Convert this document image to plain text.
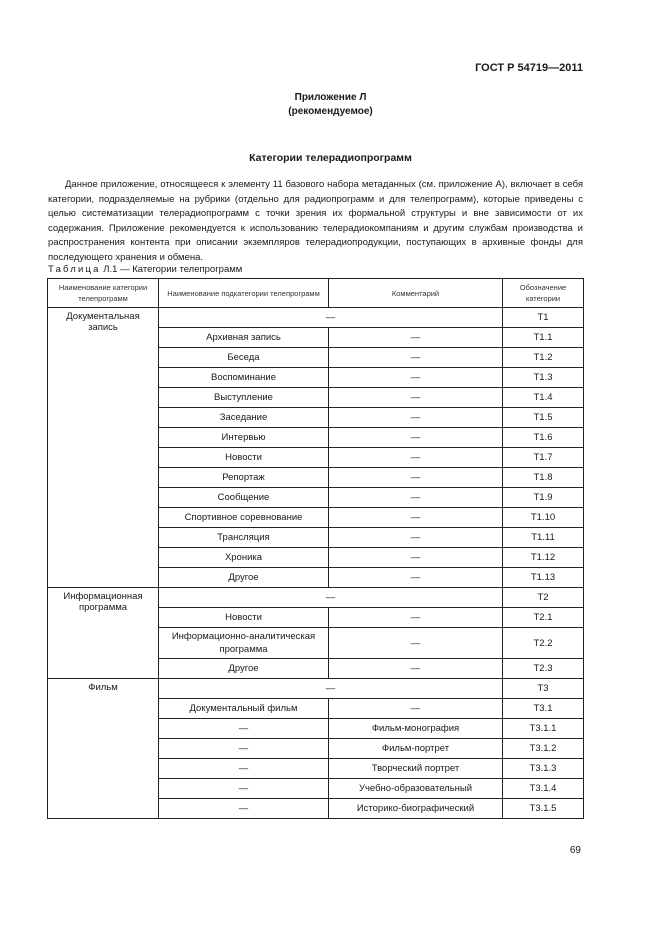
ГОСТ Р 54719—2011
Приложение Л
(рекомендуемое)
Категории телерадиопрограмм

Данное приложение, относящееся к элементу 11 базового набора метаданных (см. приложение А), включает в себя категории, подразделяемые на рубрики (отдельно для радиопрограмм и для телепрограмм), которые приведены с целью систематизации телерадиопрограмм с точки зрения их формальной структуры и вне зависимости от их содержания. Приложение рекомендуется к использованию телерадиокомпаниям и другим службам производства и распространения контента при описании экземпляров телерадиопродукции, поступающих в архивные фонды для последующего хранения и обмена.

Таблица Л.1 — Категории телепрограмм
Наименование категории телепрограмм	Наименование подкатегории телепрограмм	Комментарий	Обозначение категории
Документальная запись	—		Т1
	Архивная запись	—	Т1.1
	Беседа	—	Т1.2
	Воспоминание	—	Т1.3
	Выступление	—	Т1.4
	Заседание	—	Т1.5
	Интервью	—	Т1.6
	Новости	—	Т1.7
	Репортаж	—	Т1.8
	Сообщение	—	Т1.9
	Спортивное соревнование	—	Т1.10
	Трансляция	—	Т1.11
	Хроника	—	Т1.12
	Другое	—	Т1.13
Информационная программа	—		Т2
	Новости	—	Т2.1
	Информационно-аналитическая программа	—	Т2.2
	Другое	—	Т2.3
Фильм	—		Т3
	Документальный фильм	—	Т3.1
	—	Фильм-монография	Т3.1.1
	—	Фильм-портрет	Т3.1.2
	—	Творческий портрет	Т3.1.3
	—	Учебно-образовательный	Т3.1.4
	—	Историко-биографический	Т3.1.5
69
